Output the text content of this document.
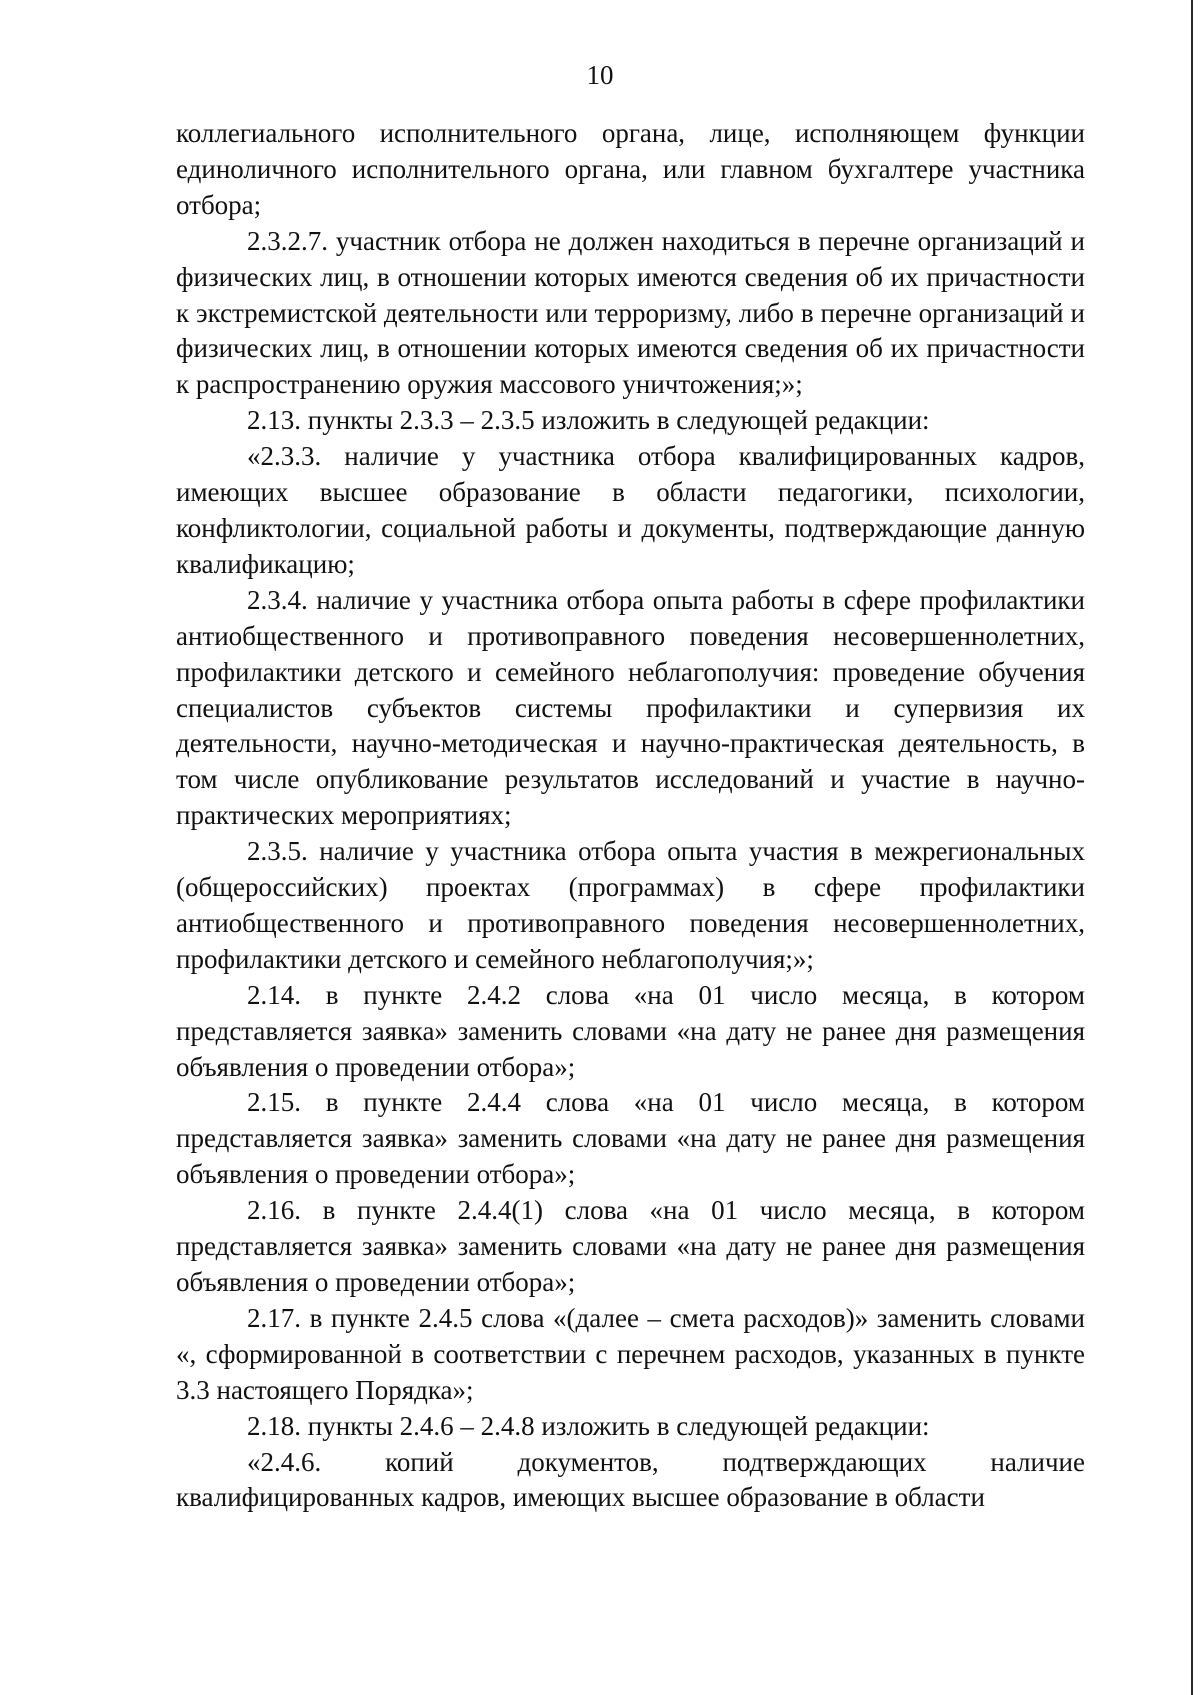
10

коллегиального исполнительного органа, лице, исполняющем функции единоличного исполнительного органа, или главном бухгалтере участника отбора;

2.3.2.7. участник отбора не должен находиться в перечне организаций и физических лиц, в отношении которых имеются сведения об их причастности к экстремистской деятельности или терроризму, либо в перечне организаций и физических лиц, в отношении которых имеются сведения об их причастности к распространению оружия массового уничтожения;»;

2.13. пункты 2.3.3 – 2.3.5 изложить в следующей редакции:

«2.3.3. наличие у участника отбора квалифицированных кадров, имеющих высшее образование в области педагогики, психологии, конфликтологии, социальной работы и документы, подтверждающие данную квалификацию;

2.3.4. наличие у участника отбора опыта работы в сфере профилактики антиобщественного и противоправного поведения несовершеннолетних, профилактики детского и семейного неблагополучия: проведение обучения специалистов субъектов системы профилактики и супервизия их деятельности, научно-методическая и научно-практическая деятельность, в том числе опубликование результатов исследований и участие в научно-практических мероприятиях;

2.3.5. наличие у участника отбора опыта участия в межрегиональных (общероссийских) проектах (программах) в сфере профилактики антиобщественного и противоправного поведения несовершеннолетних, профилактики детского и семейного неблагополучия;»;

2.14. в пункте 2.4.2 слова «на 01 число месяца, в котором представляется заявка» заменить словами «на дату не ранее дня размещения объявления о проведении отбора»;

2.15. в пункте 2.4.4 слова «на 01 число месяца, в котором представляется заявка» заменить словами «на дату не ранее дня размещения объявления о проведении отбора»;

2.16. в пункте 2.4.4(1) слова «на 01 число месяца, в котором представляется заявка» заменить словами «на дату не ранее дня размещения объявления о проведении отбора»;

2.17. в пункте 2.4.5 слова «(далее – смета расходов)» заменить словами «, сформированной в соответствии с перечнем расходов, указанных в пункте 3.3 настоящего Порядка»;

2.18. пункты 2.4.6 – 2.4.8 изложить в следующей редакции:

«2.4.6. копий документов, подтверждающих наличие квалифицированных кадров, имеющих высшее образование в области
